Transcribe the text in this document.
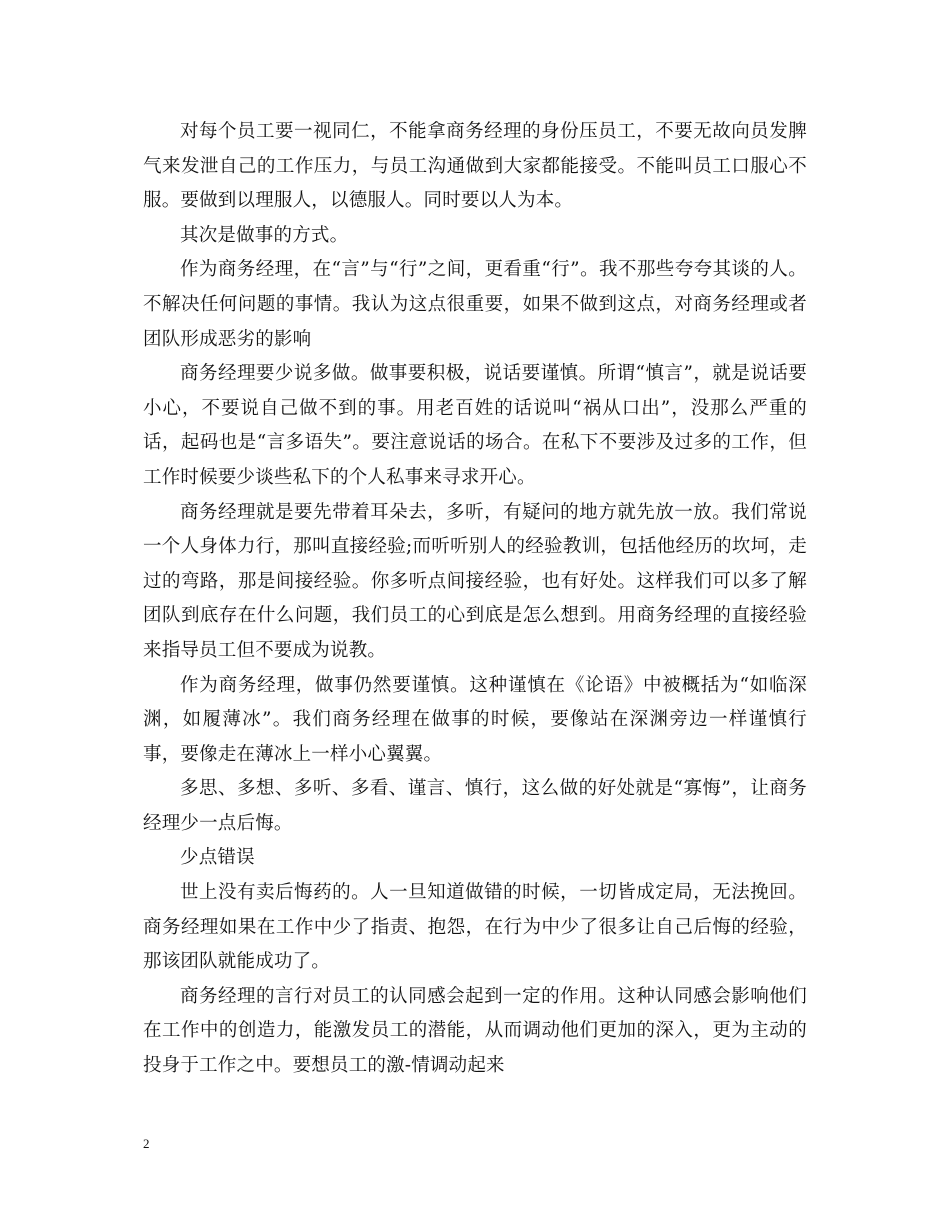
对每个员工要一视同仁，不能拿商务经理的身份压员工，不要无故向员发脾气来发泄自己的工作压力，与员工沟通做到大家都能接受。不能叫员工口服心不服。要做到以理服人，以德服人。同时要以人为本。

其次是做事的方式。

作为商务经理，在“言”与“行”之间，更看重“行”。我不那些夸夸其谈的人。不解决任何问题的事情。我认为这点很重要，如果不做到这点，对商务经理或者团队形成恶劣的影响

商务经理要少说多做。做事要积极，说话要谨慎。所谓“慎言”，就是说话要小心，不要说自己做不到的事。用老百姓的话说叫“祸从口出”，没那么严重的话，起码也是“言多语失”。要注意说话的场合。在私下不要涉及过多的工作，但工作时候要少谈些私下的个人私事来寻求开心。

商务经理就是要先带着耳朵去，多听，有疑问的地方就先放一放。我们常说一个人身体力行，那叫直接经验;而听听别人的经验教训，包括他经历的坎坷，走过的弯路，那是间接经验。你多听点间接经验，也有好处。这样我们可以多了解团队到底存在什么问题，我们员工的心到底是怎么想到。用商务经理的直接经验来指导员工但不要成为说教。

作为商务经理，做事仍然要谨慎。这种谨慎在《论语》中被概括为“如临深渊，如履薄冰”。我们商务经理在做事的时候，要像站在深渊旁边一样谨慎行事，要像走在薄冰上一样小心翼翼。

多思、多想、多听、多看、谨言、慎行，这么做的好处就是“寡悔”，让商务经理少一点后悔。

少点错误

世上没有卖后悔药的。人一旦知道做错的时候，一切皆成定局，无法挽回。商务经理如果在工作中少了指责、抱怨，在行为中少了很多让自己后悔的经验，那该团队就能成功了。

商务经理的言行对员工的认同感会起到一定的作用。这种认同感会影响他们在工作中的创造力，能激发员工的潜能，从而调动他们更加的深入，更为主动的投身于工作之中。要想员工的激-情调动起来

2
